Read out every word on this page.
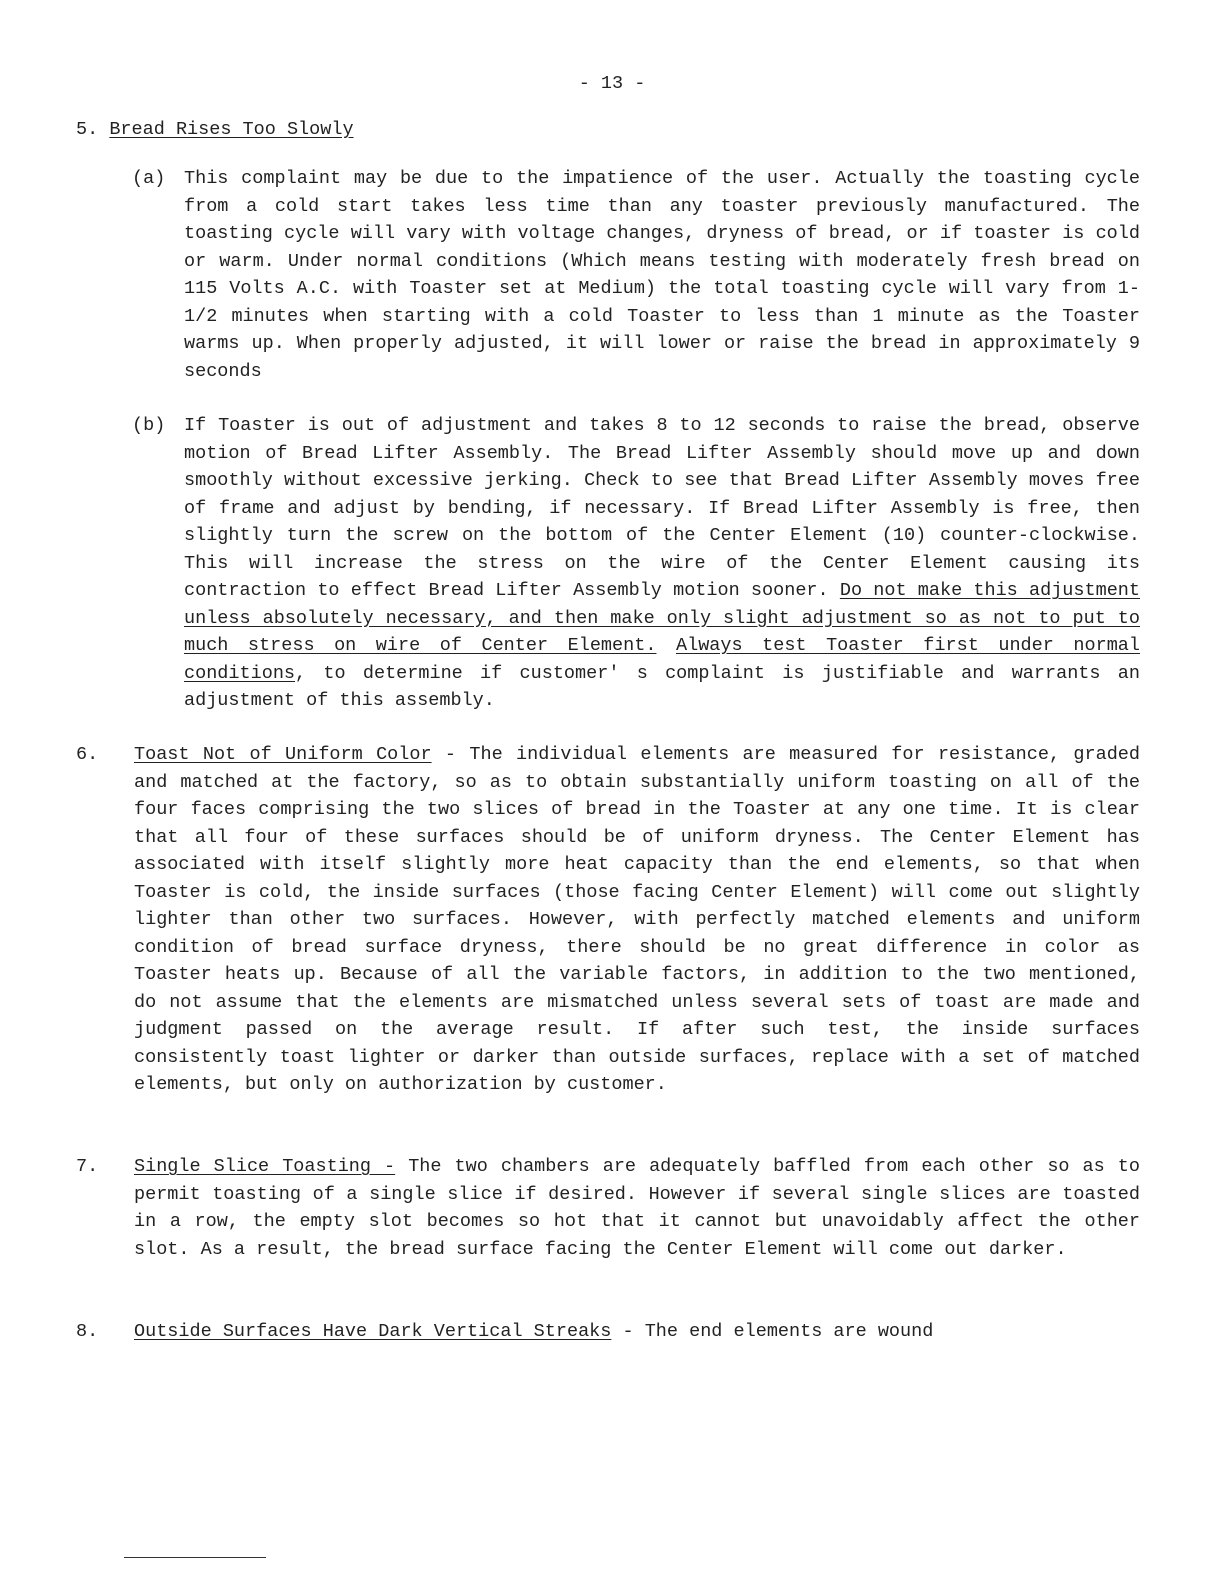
- 13 -
5. Bread Rises Too Slowly
(a) This complaint may be due to the impatience of the user. Actually the toasting cycle from a cold start takes less time than any toaster previously manufactured. The toasting cycle will vary with voltage changes, dryness of bread, or if toaster is cold or warm. Under normal conditions (Which means testing with moderately fresh bread on 115 Volts A.C. with Toaster set at Medium) the total toasting cycle will vary from 1-1/2 minutes when starting with a cold Toaster to less than 1 minute as the Toaster warms up. When properly adjusted, it will lower or raise the bread in approximately 9 seconds
(b) If Toaster is out of adjustment and takes 8 to 12 seconds to raise the bread, observe motion of Bread Lifter Assembly. The Bread Lifter Assembly should move up and down smoothly without excessive jerking. Check to see that Bread Lifter Assembly moves free of frame and adjust by bending, if necessary. If Bread Lifter Assembly is free, then slightly turn the screw on the bottom of the Center Element (10) counter-clockwise. This will increase the stress on the wire of the Center Element causing its contraction to effect Bread Lifter Assembly motion sooner. Do not make this adjustment unless absolutely necessary, and then make only slight adjustment so as not to put to much stress on wire of Center Element. Always test Toaster first under normal conditions, to determine if customer' s complaint is justifiable and warrants an adjustment of this assembly.
6. Toast Not of Uniform Color - The individual elements are measured for resistance, graded and matched at the factory, so as to obtain substantially uniform toasting on all of the four faces comprising the two slices of bread in the Toaster at any one time. It is clear that all four of these surfaces should be of uniform dryness. The Center Element has associated with itself slightly more heat capacity than the end elements, so that when Toaster is cold, the inside surfaces (those facing Center Element) will come out slightly lighter than other two surfaces. However, with perfectly matched elements and uniform condition of bread surface dryness, there should be no great difference in color as Toaster heats up. Because of all the variable factors, in addition to the two mentioned, do not assume that the elements are mismatched unless several sets of toast are made and judgment passed on the average result. If after such test, the inside surfaces consistently toast lighter or darker than outside surfaces, replace with a set of matched elements, but only on authorization by customer.
7. Single Slice Toasting - The two chambers are adequately baffled from each other so as to permit toasting of a single slice if desired. However if several single slices are toasted in a row, the empty slot becomes so hot that it cannot but unavoidably affect the other slot. As a result, the bread surface facing the Center Element will come out darker.
8. Outside Surfaces Have Dark Vertical Streaks - The end elements are wound
